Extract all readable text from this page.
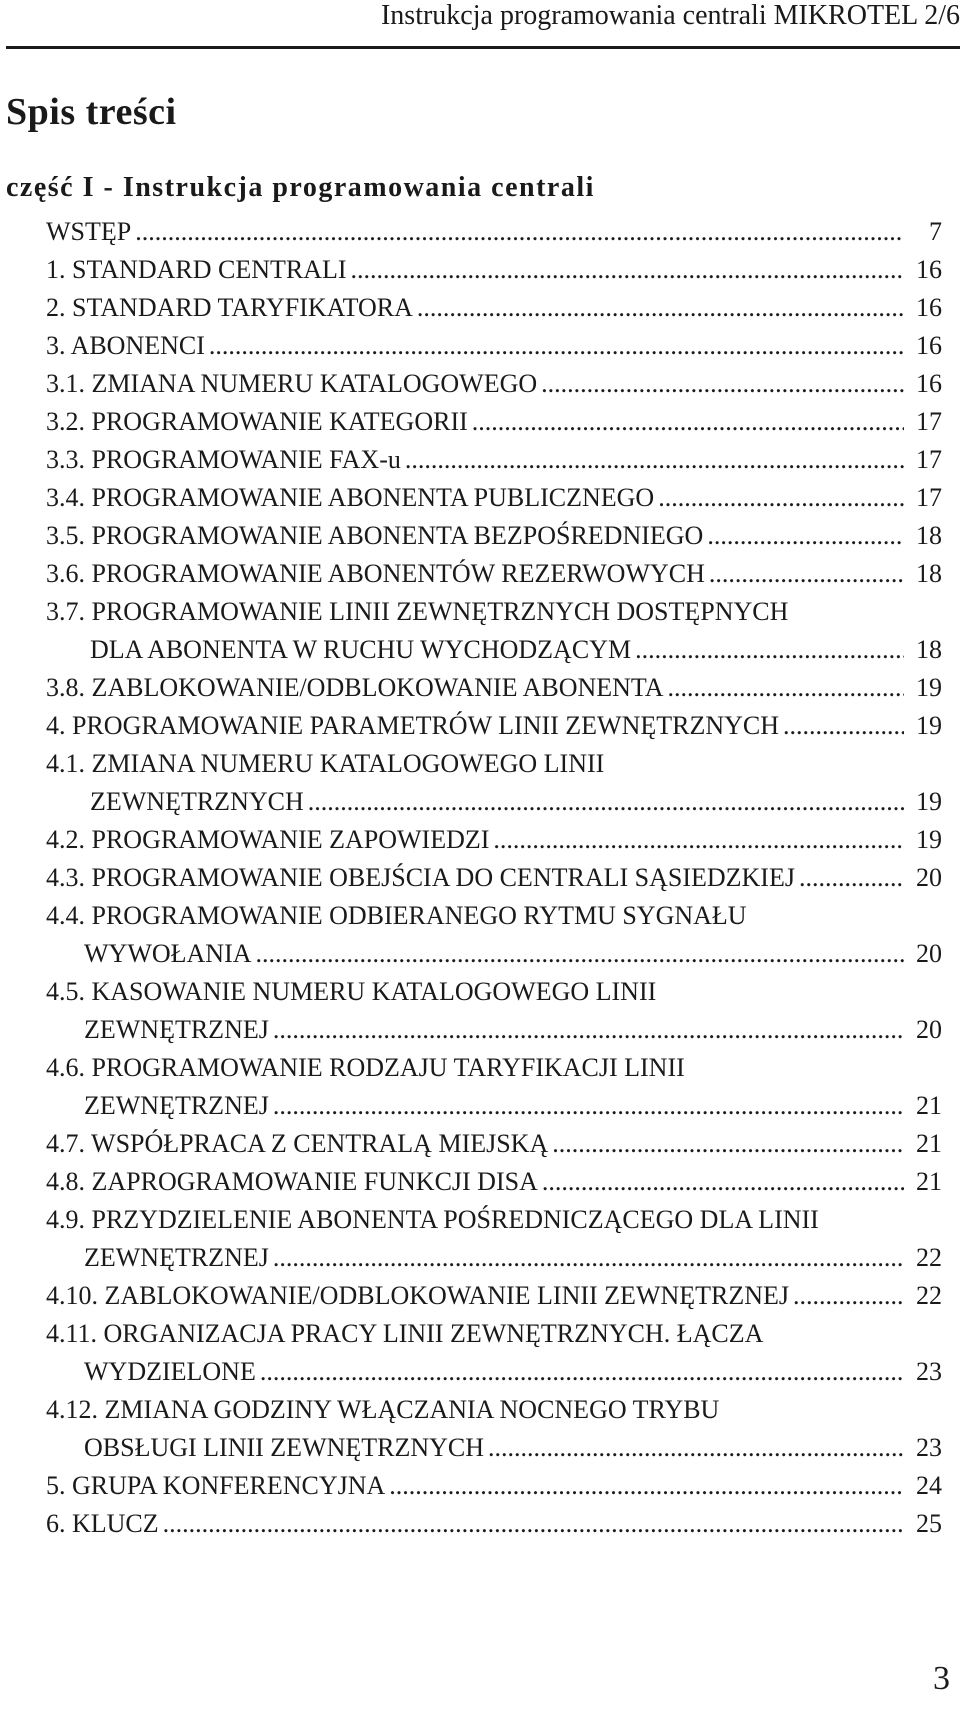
Instrukcja programowania centrali MIKROTEL 2/6
Spis treści
część I - Instrukcja programowania centrali
WSTĘP .....	7
1. STANDARD CENTRALI .....	16
2. STANDARD TARYFIKATORA .....	16
3. ABONENCI .....	16
3.1. ZMIANA NUMERU KATALOGOWEGO .....	16
3.2. PROGRAMOWANIE KATEGORII .....	17
3.3. PROGRAMOWANIE FAX-u .....	17
3.4. PROGRAMOWANIE ABONENTA PUBLICZNEGO .....	17
3.5. PROGRAMOWANIE ABONENTA BEZPOŚREDNIEGO .....	18
3.6. PROGRAMOWANIE ABONENTÓW REZERWOWYCH .....	18
3.7. PROGRAMOWANIE LINII ZEWNĘTRZNYCH DOSTĘPNYCH
DLA ABONENTA W RUCHU WYCHODZĄCYM .....	18
3.8. ZABLOKOWANIE/ODBLOKOWANIE ABONENTA .....	19
4. PROGRAMOWANIE PARAMETRÓW LINII ZEWNĘTRZNYCH .....	19
4.1. ZMIANA NUMERU KATALOGOWEGO LINII
ZEWNĘTRZNYCH .....	19
4.2. PROGRAMOWANIE ZAPOWIEDZI .....	19
4.3. PROGRAMOWANIE OBEJŚCIA DO CENTRALI SĄSIEDZKIEJ .....	20
4.4. PROGRAMOWANIE ODBIERANEGO RYTMU SYGNAŁU
WYWOŁANIA .....	20
4.5. KASOWANIE NUMERU KATALOGOWEGO LINII
ZEWNĘTRZNEJ .....	20
4.6. PROGRAMOWANIE RODZAJU TARYFIKACJI LINII
ZEWNĘTRZNEJ .....	21
4.7. WSPÓŁPRACA Z CENTRALĄ MIEJSKĄ .....	21
4.8. ZAPROGRAMOWANIE FUNKCJI DISA .....	21
4.9. PRZYDZIELENIE ABONENTA POŚREDNICZĄCEGO DLA LINII
ZEWNĘTRZNEJ .....	22
4.10. ZABLOKOWANIE/ODBLOKOWANIE LINII ZEWNĘTRZNEJ .....	22
4.11. ORGANIZACJA PRACY LINII ZEWNĘTRZNYCH. ŁĄCZA
WYDZIELONE .....	23
4.12. ZMIANA GODZINY WŁĄCZANIA NOCNEGO TRYBU
OBSŁUGI LINII ZEWNĘTRZNYCH .....	23
5. GRUPA KONFERENCYJNA .....	24
6. KLUCZ .....	25
3
